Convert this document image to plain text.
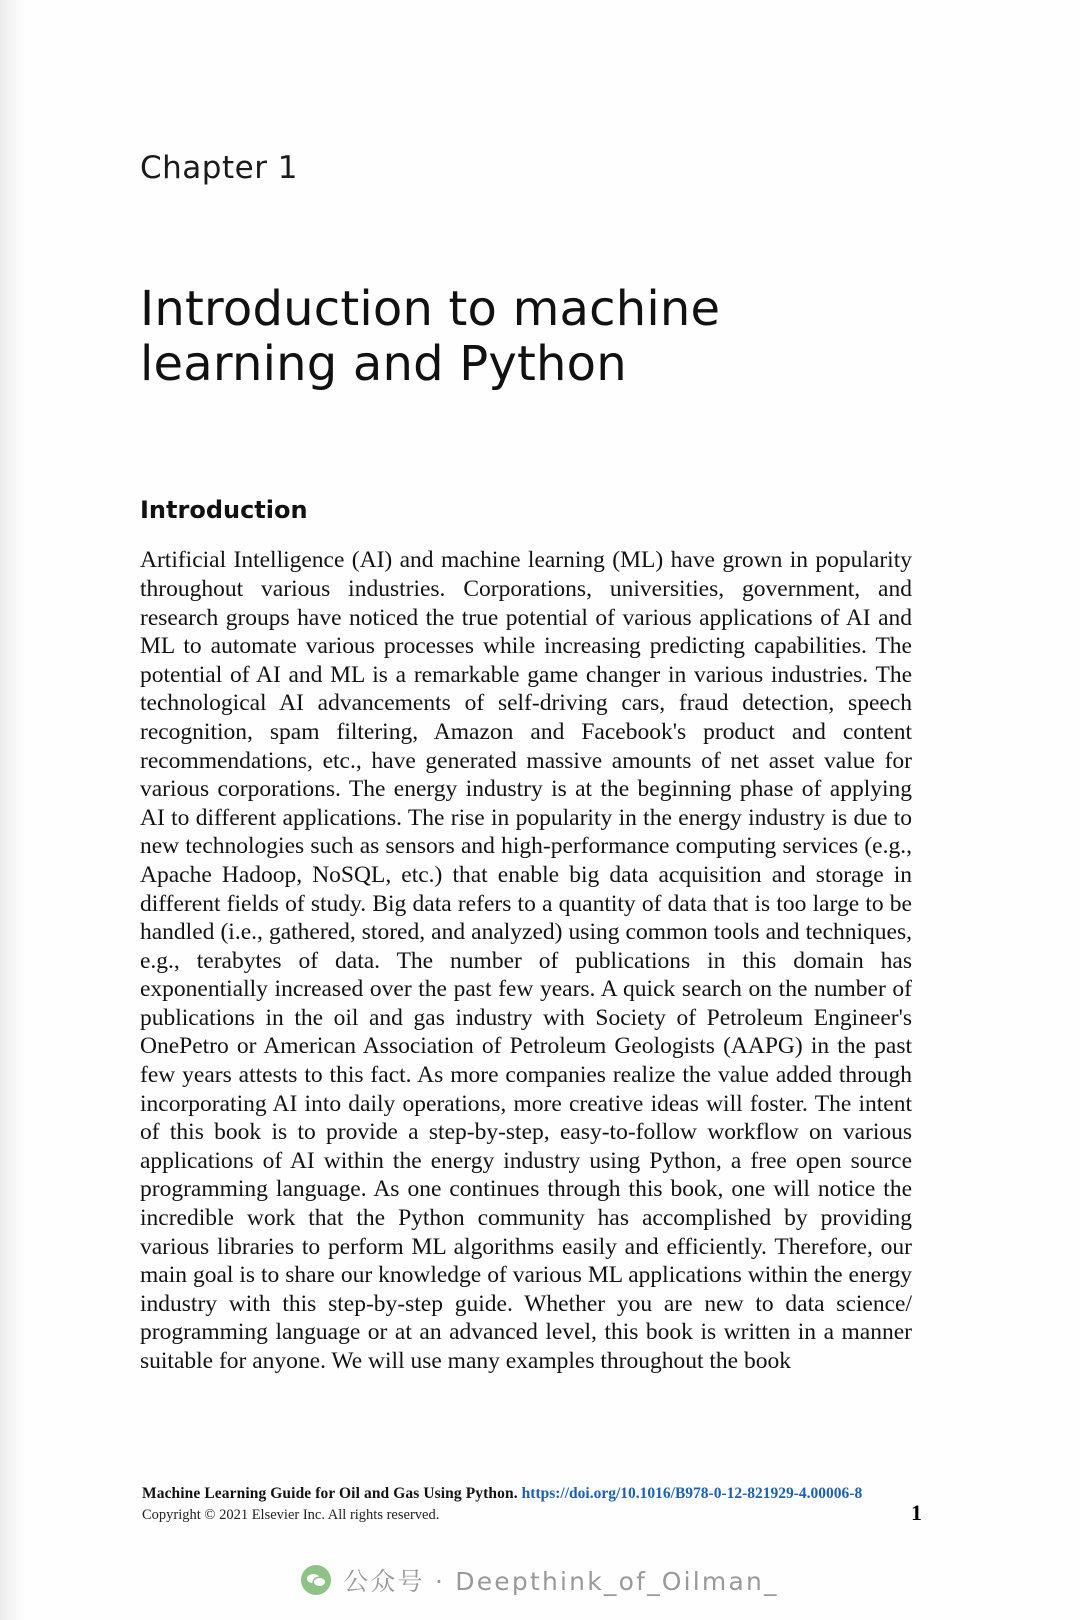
Chapter 1
Introduction to machine learning and Python
Introduction

Artificial Intelligence (AI) and machine learning (ML) have grown in popularity throughout various industries. Corporations, universities, government, and research groups have noticed the true potential of various applications of AI and ML to automate various processes while increasing predicting capabilities. The potential of AI and ML is a remarkable game changer in various industries. The technological AI advancements of self-driving cars, fraud detection, speech recognition, spam filtering, Amazon and Facebook's product and content recommendations, etc., have generated massive amounts of net asset value for various corporations. The energy industry is at the beginning phase of applying AI to different applications. The rise in popularity in the energy industry is due to new technologies such as sensors and high-performance computing services (e.g., Apache Hadoop, NoSQL, etc.) that enable big data acquisition and storage in different fields of study. Big data refers to a quantity of data that is too large to be handled (i.e., gathered, stored, and analyzed) using common tools and techniques, e.g., terabytes of data. The number of publications in this domain has exponentially increased over the past few years. A quick search on the number of publications in the oil and gas industry with Society of Petroleum Engineer's OnePetro or American Association of Petroleum Geologists (AAPG) in the past few years attests to this fact. As more companies realize the value added through incorporating AI into daily operations, more creative ideas will foster. The intent of this book is to provide a step-by-step, easy-to-follow workflow on various applications of AI within the energy industry using Python, a free open source programming language. As one continues through this book, one will notice the incredible work that the Python community has accomplished by providing various libraries to perform ML algorithms easily and efficiently. Therefore, our main goal is to share our knowledge of various ML applications within the energy industry with this step-by-step guide. Whether you are new to data science/ programming language or at an advanced level, this book is written in a manner suitable for anyone. We will use many examples throughout the book

Machine Learning Guide for Oil and Gas Using Python. https://doi.org/10.1016/B978-0-12-821929-4.00006-8
Copyright © 2021 Elsevier Inc. All rights reserved.	1
公众号 · Deepthink_of_Oilman_
